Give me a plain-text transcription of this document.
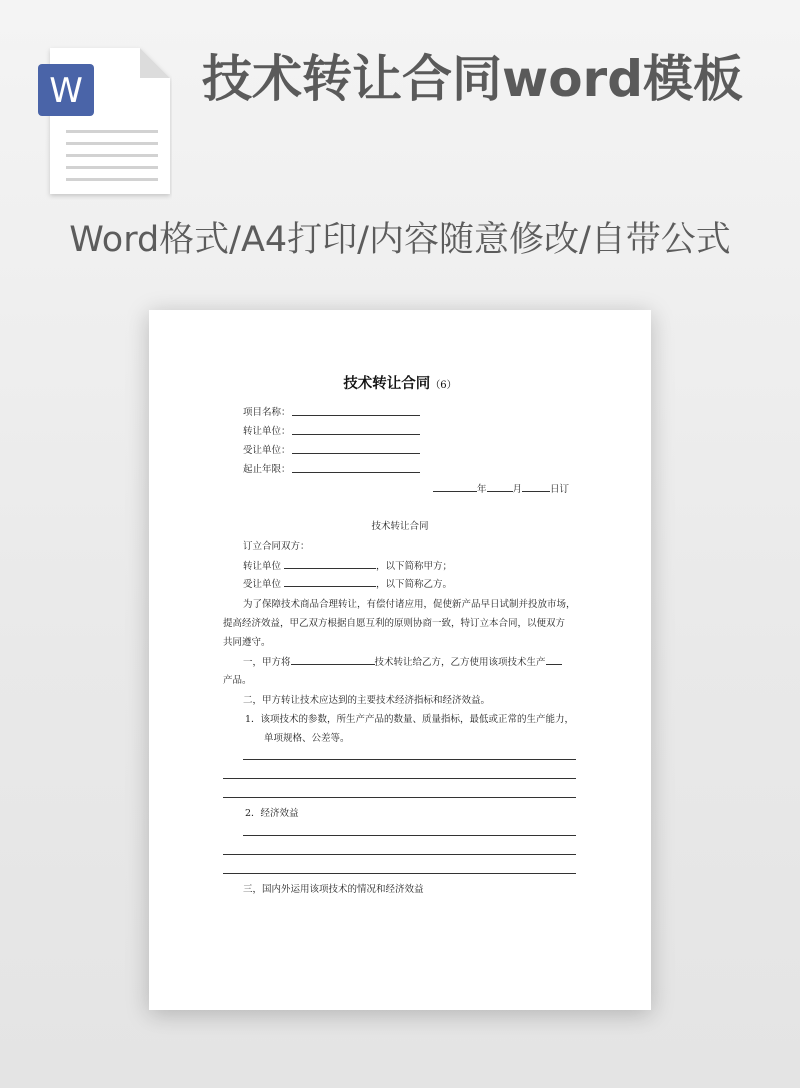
W 技术转让合同word模板
Word格式/A4打印/内容随意修改/自带公式
技术转让合同（6）
项目名称：
转让单位：
受让单位：
起止年限：
年	月	日订
技术转让合同
订立合同双方：
转让单位	，以下简称甲方；
受让单位	，以下简称乙方。
为了保障技术商品合理转让，有偿付诸应用，促使新产品早日试制并投放市场，
提高经济效益，甲乙双方根据自愿互利的原则协商一致，特订立本合同，以便双方
共同遵守。
一，甲方将	技术转让给乙方，乙方使用该项技术生产
产品。
二，甲方转让技术应达到的主要技术经济指标和经济效益。
1．该项技术的参数，所生产产品的数量、质量指标，最低或正常的生产能力，
单项规格、公差等。
2．经济效益
三，国内外运用该项技术的情况和经济效益
